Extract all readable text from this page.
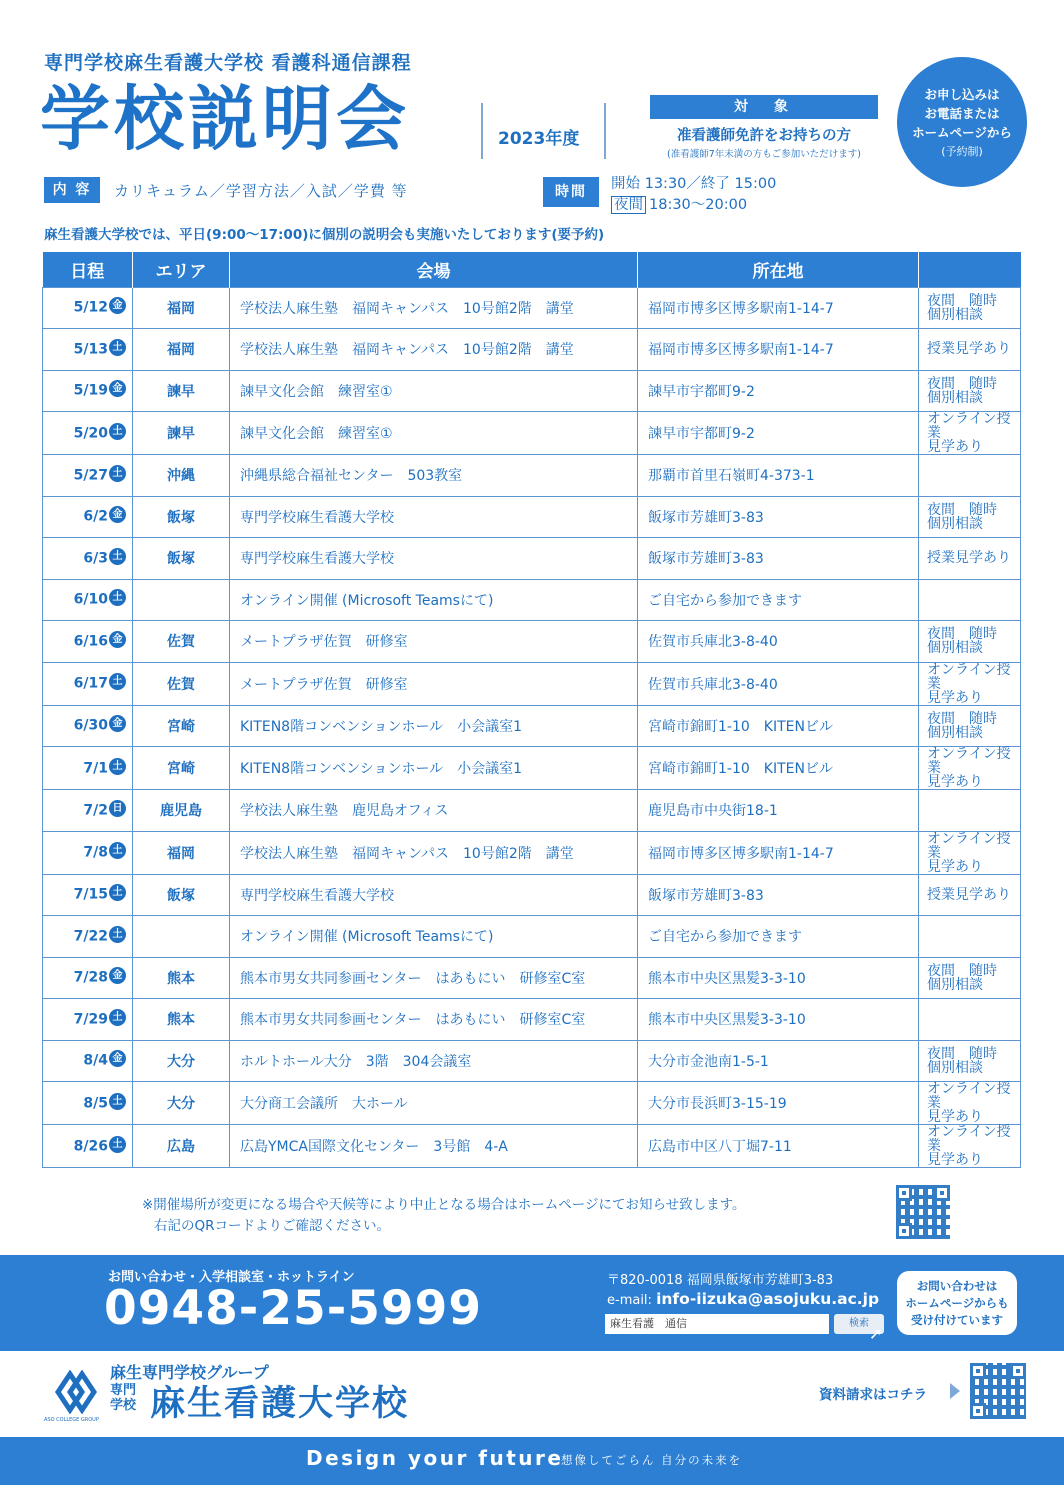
専門学校麻生看護大学校 看護科通信課程
学校説明会	2023年度
対　象
准看護師免許をお持ちの方
(准看護師7年未満の方もご参加いただけます)
お申し込みは
お電話または
ホームページから
(予約制)
内 容	カリキュラム／学習方法／入試／学費 等	時間	開始 13:30／終了 15:00
夜間 18:30〜20:00
麻生看護大学校では、平日(9:00〜17:00)に個別の説明会も実施いたしております(要予約)
日程	エリア	会場	所在地	
5/12 金	福岡	学校法人麻生塾　福岡キャンパス　10号館2階　講堂	福岡市博多区博多駅南1-14-7	夜間　随時
個別相談

5/13 土	福岡	学校法人麻生塾　福岡キャンパス　10号館2階　講堂	福岡市博多区博多駅南1-14-7	授業見学あり

5/19 金	諫早	諫早文化会館　練習室①	諫早市宇都町9-2	夜間　随時
個別相談

5/20 土	諫早	諫早文化会館　練習室①	諫早市宇都町9-2	オンライン授業
見学あり

5/27 土	沖縄	沖縄県総合福祉センター　503教室	那覇市首里石嶺町4-373-1	

6/2 金	飯塚	専門学校麻生看護大学校	飯塚市芳雄町3-83	夜間　随時
個別相談

6/3 土	飯塚	専門学校麻生看護大学校	飯塚市芳雄町3-83	授業見学あり

6/10 土		オンライン開催 (Microsoft Teamsにて)	ご自宅から参加できます	

6/16 金	佐賀	メートプラザ佐賀　研修室	佐賀市兵庫北3-8-40	夜間　随時
個別相談

6/17 土	佐賀	メートプラザ佐賀　研修室	佐賀市兵庫北3-8-40	オンライン授業
見学あり

6/30 金	宮崎	KITEN8階コンベンションホール　小会議室1	宮崎市錦町1-10　KITENビル	夜間　随時
個別相談

7/1 土	宮崎	KITEN8階コンベンションホール　小会議室1	宮崎市錦町1-10　KITENビル	オンライン授業
見学あり

7/2 日	鹿児島	学校法人麻生塾　鹿児島オフィス	鹿児島市中央街18-1	

7/8 土	福岡	学校法人麻生塾　福岡キャンパス　10号館2階　講堂	福岡市博多区博多駅南1-14-7	オンライン授業
見学あり

7/15 土	飯塚	専門学校麻生看護大学校	飯塚市芳雄町3-83	授業見学あり

7/22 土		オンライン開催 (Microsoft Teamsにて)	ご自宅から参加できます	

7/28 金	熊本	熊本市男女共同参画センター　はあもにい　研修室C室	熊本市中央区黒髪3-3-10	夜間　随時
個別相談

7/29 土	熊本	熊本市男女共同参画センター　はあもにい　研修室C室	熊本市中央区黒髪3-3-10	

8/4 金	大分	ホルトホール大分　3階　304会議室	大分市金池南1-5-1	夜間　随時
個別相談

8/5 土	大分	大分商工会議所　大ホール	大分市長浜町3-15-19	オンライン授業
見学あり

8/26 土	広島	広島YMCA国際文化センター　3号館　4-A	広島市中区八丁堀7-11	オンライン授業
見学あり
※開催場所が変更になる場合や天候等により中止となる場合はホームページにてお知らせ致します。
右記のQRコードよりご確認ください。
お問い合わせ・入学相談室・ホットライン
0948-25-5999
〒820-0018 福岡県飯塚市芳雄町3-83
e-mail: info-iizuka@asojuku.ac.jp
麻生看護　通信	検索
お問い合わせは
ホームページからも
受け付けています
➚
ASO COLLEGE GROUP
麻生専門学校グループ
専門
学校 麻生看護大学校	資料請求はコチラ
Design your future
想像してごらん 自分の未来を
